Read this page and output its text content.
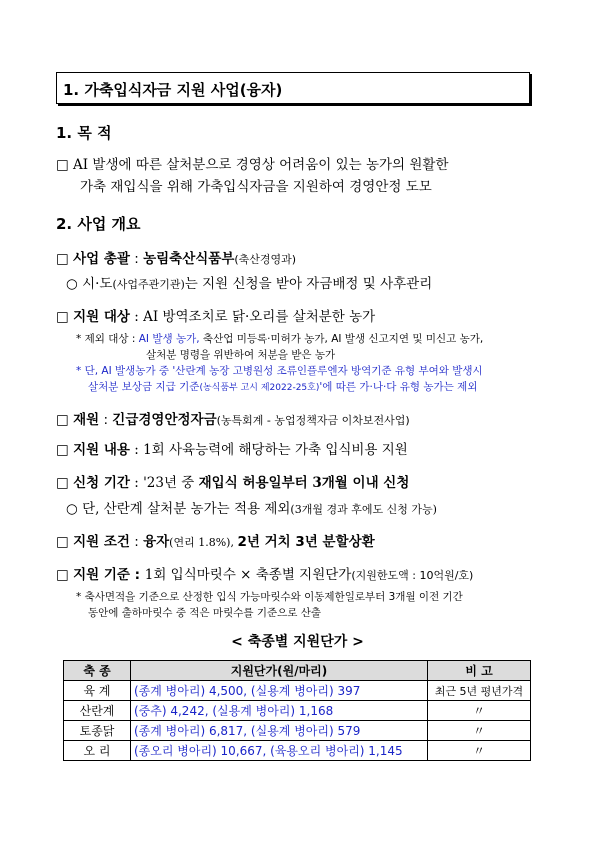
1. 가축입식자금 지원 사업(융자)
1. 목 적
□ AI 발생에 따른 살처분으로 경영상 어려움이 있는 농가의 원활한
가축 재입식을 위해 가축입식자금을 지원하여 경영안정 도모
2. 사업 개요
□ 사업 총괄 : 농림축산식품부(축산경영과)
○ 시·도(사업주관기관)는 지원 신청을 받아 자금배정 및 사후관리
□ 지원 대상 : AI 방역조치로 닭·오리를 살처분한 농가
* 제외 대상 : AI 발생 농가, 축산업 미등록·미허가 농가, AI 발생 신고지연 및 미신고 농가,
살처분 명령을 위반하여 처분을 받은 농가
* 단, AI 발생농가 중 '산란계 농장 고병원성 조류인플루엔자 방역기준 유형 부여와 발생시
살처분 보상금 지급 기준(농식품부 고시 제2022-25호)'에 따른 가·나·다 유형 농가는 제외
□ 재원 : 긴급경영안정자금(농특회계 - 농업정책자금 이차보전사업)
□ 지원 내용 : 1회 사육능력에 해당하는 가축 입식비용 지원
□ 신청 기간 : '23년 중 재입식 허용일부터 3개월 이내 신청
○ 단, 산란계 살처분 농가는 적용 제외(3개월 경과 후에도 신청 가능)
□ 지원 조건 : 융자(연리 1.8%), 2년 거치 3년 분할상환
□ 지원 기준 : 1회 입식마릿수 × 축종별 지원단가(지원한도액 : 10억원/호)
* 축사면적을 기준으로 산정한 입식 가능마릿수와 이동제한일로부터 3개월 이전 기간
동안에 출하마릿수 중 적은 마릿수를 기준으로 산출
< 축종별 지원단가 >
축 종	지원단가(원/마리)	비 고
육 계	(종계 병아리) 4,500, (실용계 병아리) 397	최근 5년 평년가격
산란계	(중추) 4,242, (실용계 병아리) 1,168	〃
토종닭	(종계 병아리) 6,817, (실용계 병아리) 579	〃
오 리	(종오리 병아리) 10,667, (육용오리 병아리) 1,145	〃
